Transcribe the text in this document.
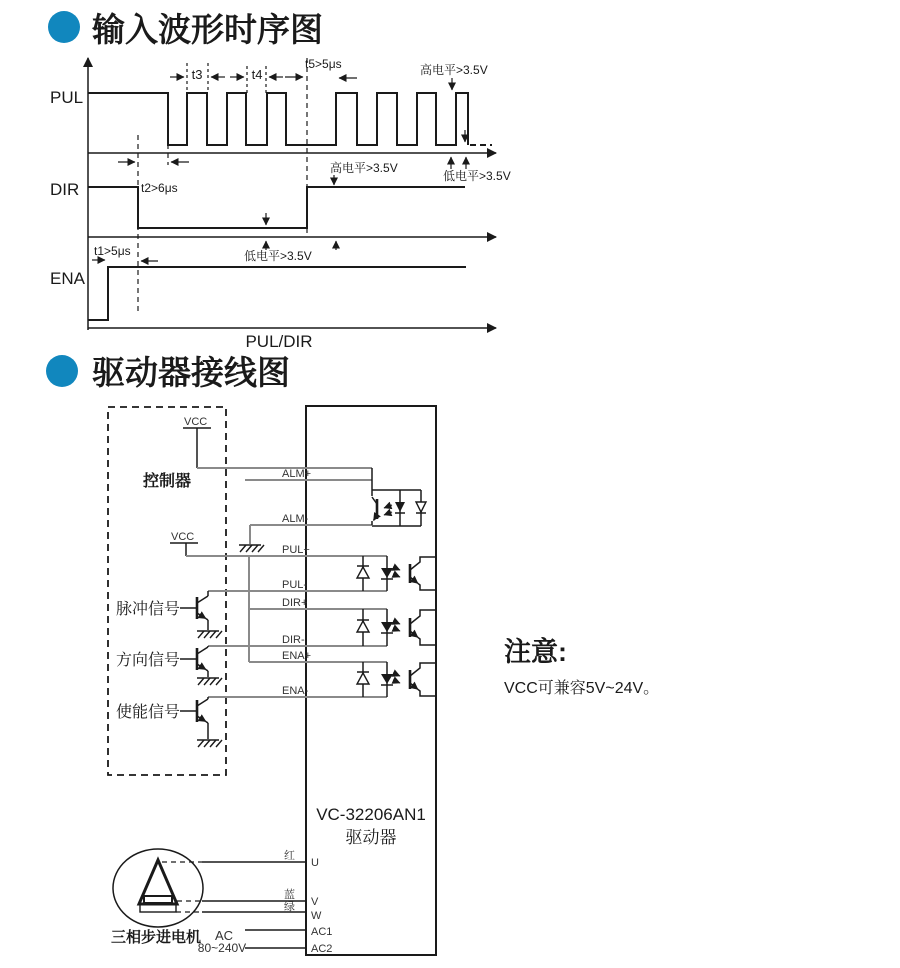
输入波形时序图
PUL
DIR
ENA
PUL/DIR
t3	t4
t5>5μs
t2>6μs
t1>5μs
高电平>3.5V
低电平>3.5V
高电平>3.5V
低电平>3.5V
驱动器接线图
控制器
VCC
VCC
ALM+
ALM-
PUL+
PUL-
DIR+
DIR-
ENA+
ENA-
脉冲信号
方向信号
使能信号
VC-32206AN1
驱动器
三相步进电机
红
蓝
绿
AC
80~240V
U
V
W
AC1
AC2
注意:
VCC可兼容5V~24V。
